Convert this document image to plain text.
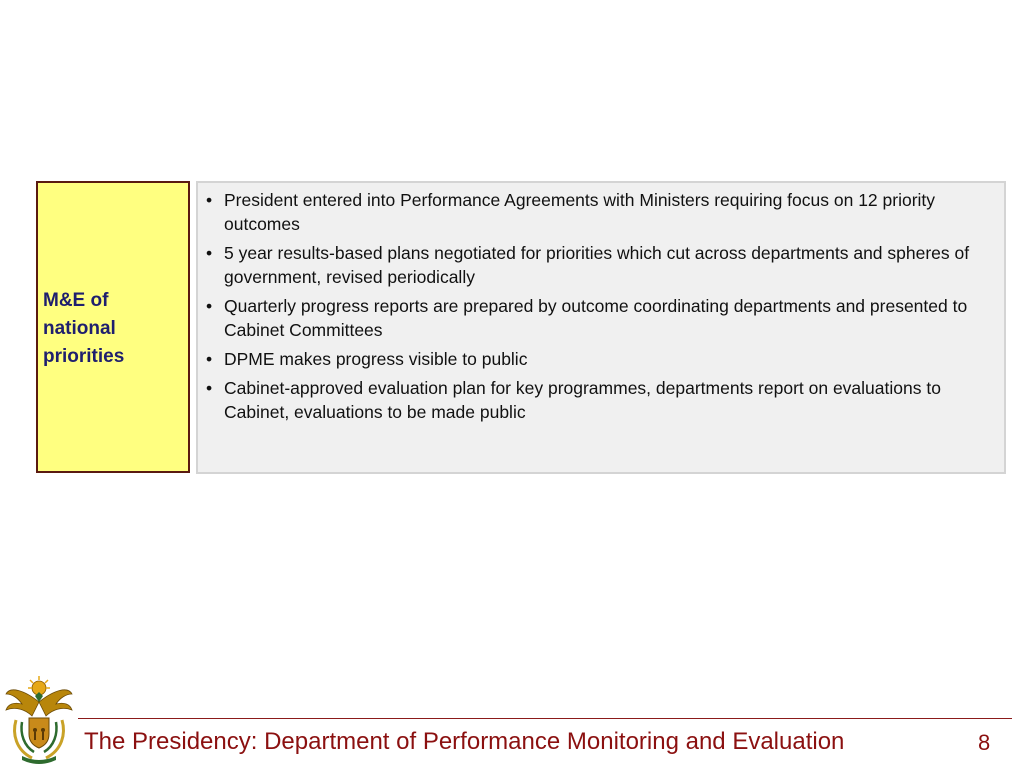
M&E of national priorities
• President entered into Performance Agreements with Ministers requiring focus on 12 priority outcomes
• 5 year results-based plans negotiated for priorities which cut across departments and spheres of government, revised periodically
• Quarterly progress reports are prepared by outcome coordinating departments and presented to Cabinet Committees
• DPME makes progress visible to public
• Cabinet-approved evaluation plan for key programmes, departments report on evaluations to Cabinet, evaluations to be made public
The Presidency: Department of Performance Monitoring and Evaluation	8
